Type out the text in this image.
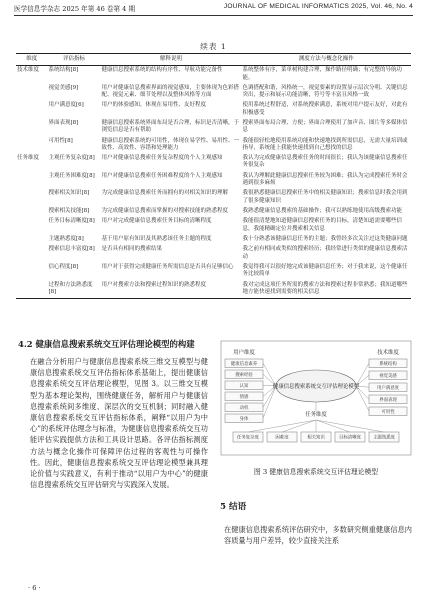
医学信息学杂志 2025 年第 46 卷第 4 期	JOURNAL OF MEDICAL INFORMATICS 2025, Vol. 46, No. 4
续表 1
维度	评估指标	解释说明	测度方法与概念化操作
技术维度	系统结构[8]	健康信息搜索系统的结构有序性、导航功能完备性	系统整体有序，菜单树构建合理，操作路径明确；有完整的导航功能。
	视觉美感[9]	用户对健康信息搜索界面的视觉感知，主要体现为色彩搭配、视觉元素、细节处理以及整体风格等方面	色调搭配和谐，风格统一，视觉要素的设置显示层次分明、关键信息突出，提示和展示功能清晰，符号等丰富且风格一致
	用户满意度[6]	用户的体验感知，体现在易用性、友好程度	使用系统过程舒适，对系统搜索满意，系统对用户提示友好，对此有积极感受
	界面表现[8]	健康信息搜索系统界面布局是否合理，标识是否清晰，于浏览信息是否有帮助	搜索界面布局合理、方便；界面合理使用了加声音、图片等多媒体信息
	可用性[8]	健康信息搜索系统的可用性，体现在易学性、易用性、一致性、高效性、容错和处理能力	我能很轻松地使用系统功能和快速地找到所需信息，无需大量培训或指导，系统能上我能快速找到自己想找的信息
任务维度	主观任务复杂度[8]	用户对健康信息搜索任务复杂程度的个人主观感知	我认为完成健康信息搜索任务的时间很长；我认为该健康信息搜索任务很复杂
	主观任务困难度[8]	用户对健康信息搜索任务困难程度的个人主观感知	我认为理解此健康信息搜索任务较为困难；我认为完成搜索任务时会遇到很多麻烦
	搜索相关知识[8]	为完成健康信息搜索任务而拥有的对相关知识的理解	我很熟悉健康信息搜索任务中的相关健康知识；搜索信息时我会用到了很多健康知识
	搜索相关技能[8]	为完成健康信息搜索而掌握的对搜索技能的熟悉程度	我熟悉健康信息搜索的基础操作；我可以熟练地使用高级搜索功能
	任务目标清晰度[8]	用户对完成健康信息搜索任务目标的清晰程度	我能很清楚地知道健康信息搜索任务的目标，清楚知道需要哪些信息，我能精确定位并搜索相关信息
	主题熟悉度[8]	基于用户原有知识及其熟悉该任务主题的程度	我十分熟悉该健康信息任务的主题；我曾经多次关注过这类健康问题
	搜索信息丰富度[8]	是否具有相同的搜索结果	我之前有相同或类似的搜索经历；我经常进行类似的健康信息搜索活动
	信心程度[8]	用户对于获得完成健康任务所需信息是否具有足够信心	我觉得我可以很好地完成该健康信息任务；对于我来说，这个健康任务比较简单
	过程和方法熟悉度[8]	用户对搜索方法和搜索过程知识的熟悉程度	我对完成这项任务所需的搜索方法和搜索过程非常熟悉；我知道哪些地方能快速找到需要的相关信息
4.2 健康信息搜索系统交互评估理论模型的构建
在融合分析用户与健康信息搜索系统三维交互模型与健康信息搜索系统交互评估指标体系基础上，提出健康信息搜索系统交互评估理论模型，见图 3。以三维交互模型为基本理论架构，围绕健康任务，解析用户与健康信息搜索系统间多维度、深层次的交互机制；同时融入健康信息搜索系统交互评估指标体系，阐释“以用户为中心”的系统评估理念与标准，为健康信息搜索系统交互功能评估实践提供方法和工具设计思路。各评估指标测度方法与概念化操作可保障评估过程的客观性与可操作性。因此，健康信息搜索系统交互评估理论模型兼具理论价值与实践意义，有利于推动“以用户为中心”的健康信息搜索系统交互评估研究与实践深入发展。
健康信息素养
搜索经验
认知
情感
动机
身体
系统结构
视觉美感
用户满意度
界面表现
可用性
任务复杂度	困难度	相关知识	目标清晰度	主题熟悉度
健康信息搜索系统交互评估理论模型
用户维度	技术维度
任务维度
图 3 健康信息搜索系统交互评估理论模型
5 结语
在健康信息搜索系统评估研究中，多数研究侧重健康信息内容质量与用户差异，较少直接关注系
· 6 ·
